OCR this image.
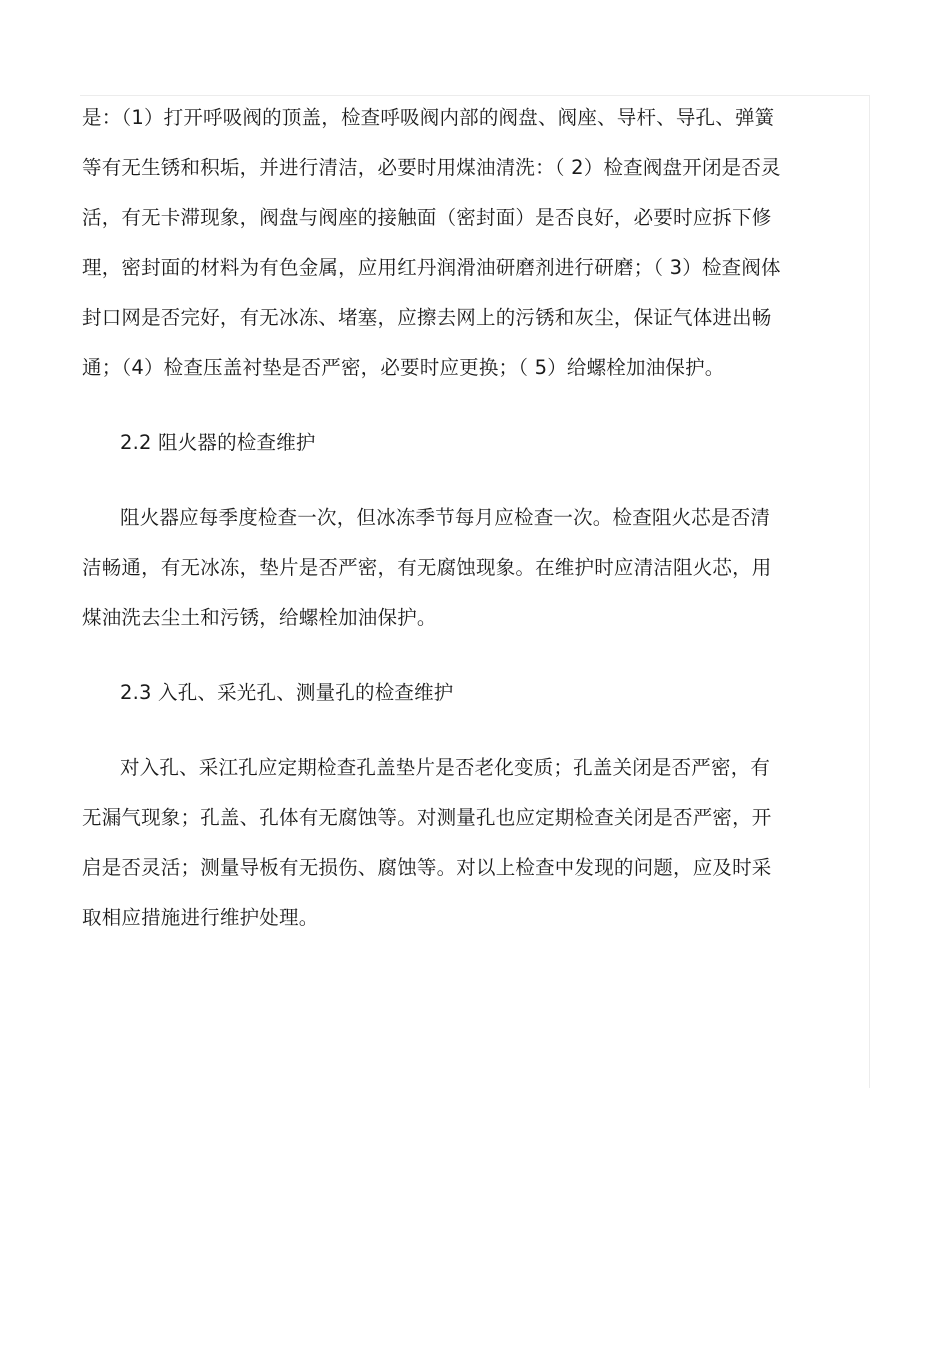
是：（1）打开呼吸阀的顶盖，检查呼吸阀内部的阀盘、阀座、导杆、导孔、弹簧
等有无生锈和积垢，并进行清洁，必要时用煤油清洗：（ 2）检查阀盘开闭是否灵
活，有无卡滞现象，阀盘与阀座的接触面（密封面）是否良好，必要时应拆下修
理，密封面的材料为有色金属，应用红丹润滑油研磨剂进行研磨；（ 3）检查阀体
封口网是否完好，有无冰冻、堵塞，应擦去网上的污锈和灰尘，保证气体进出畅
通；（4）检查压盖衬垫是否严密，必要时应更换；（ 5）给螺栓加油保护。
2.2 阻火器的检查维护
阻火器应每季度检查一次，但冰冻季节每月应检查一次。检查阻火芯是否清
洁畅通，有无冰冻，垫片是否严密，有无腐蚀现象。在维护时应清洁阻火芯，用
煤油洗去尘土和污锈，给螺栓加油保护。
2.3 入孔、采光孔、测量孔的检查维护
对入孔、采江孔应定期检查孔盖垫片是否老化变质；孔盖关闭是否严密，有
无漏气现象；孔盖、孔体有无腐蚀等。对测量孔也应定期检查关闭是否严密，开
启是否灵活；测量导板有无损伤、腐蚀等。对以上检查中发现的问题，应及时采
取相应措施进行维护处理。
